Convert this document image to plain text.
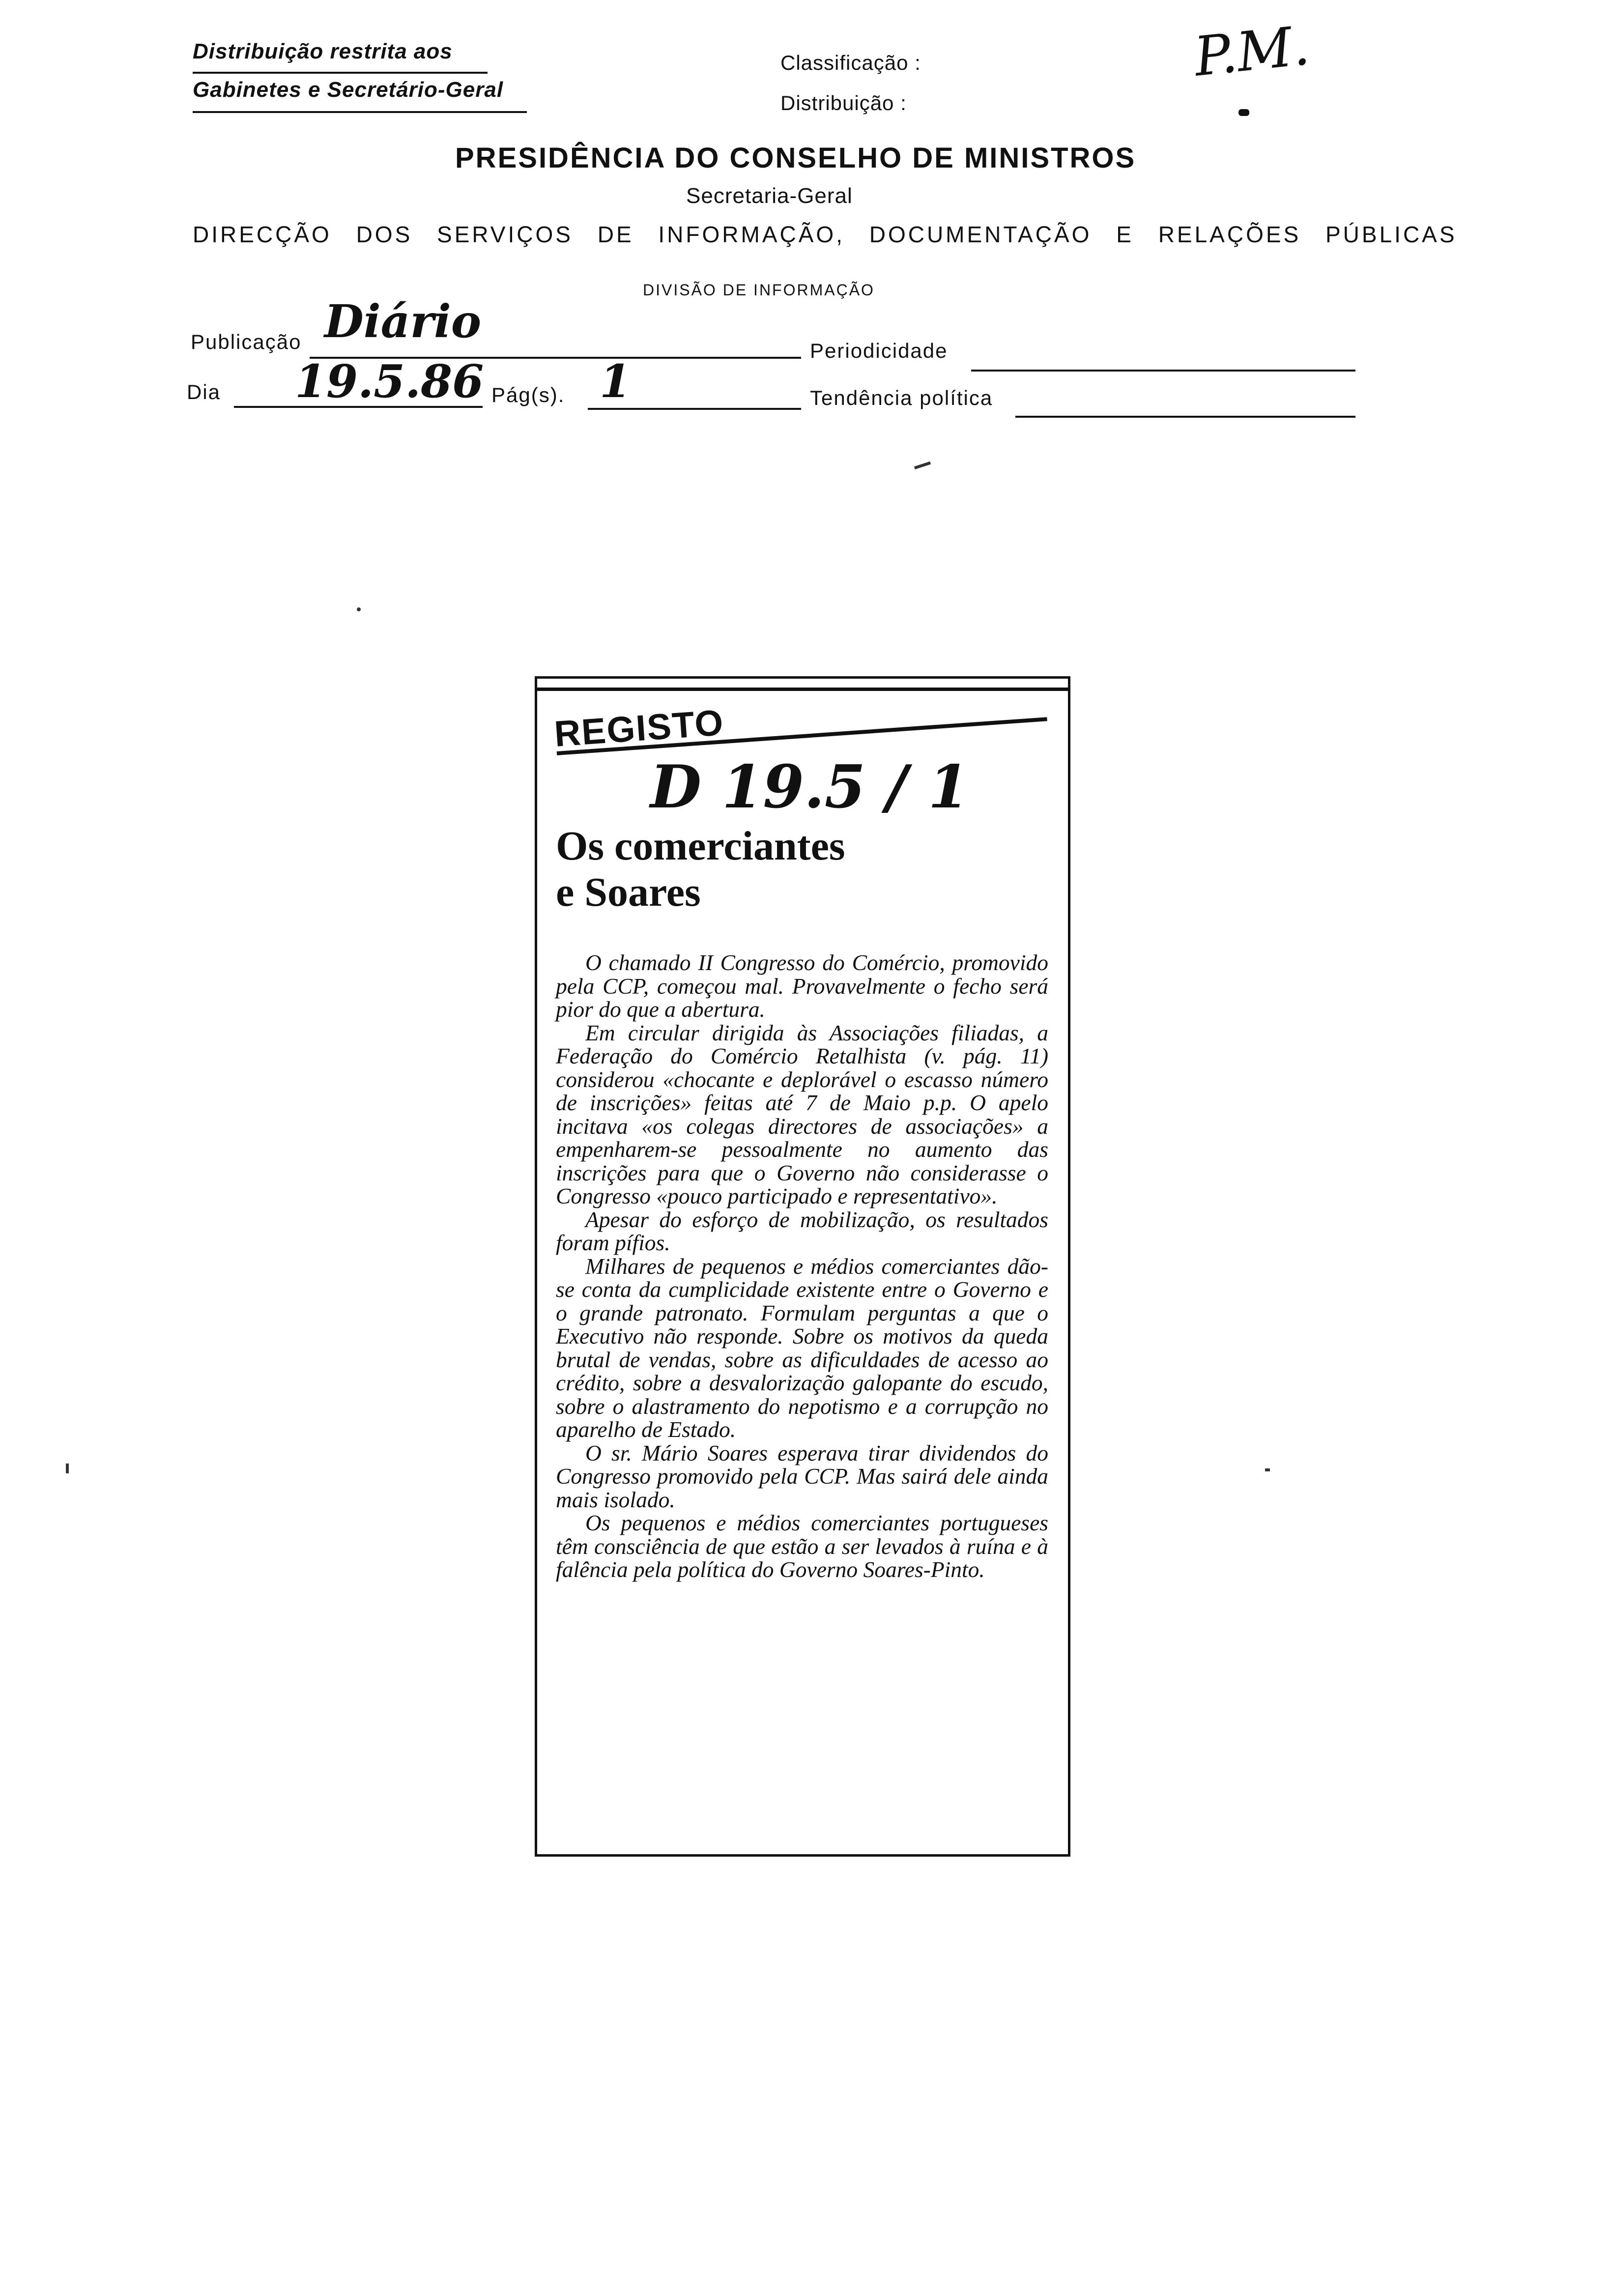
Distribuição restrita aos
Gabinetes e Secretário-Geral
Classificação :
Distribuição :
P.M.
PRESIDÊNCIA DO CONSELHO DE MINISTROS
Secretaria-Geral
DIRECÇÃO DOS SERVIÇOS DE INFORMAÇÃO, DOCUMENTAÇÃO E RELAÇÕES PÚBLICAS
DIVISÃO DE INFORMAÇÃO
Publicação Diário
Periodicidade
Dia 19.5.86 Pág(s). 1	Tendência política
REGISTO
D 19.5 / 1
Os comerciantes
e Soares

O chamado II Congresso do Comércio, promovido pela CCP, começou mal. Provavelmente o fecho será pior do que a abertura.

Em circular dirigida às Associações filiadas, a Federação do Comércio Retalhista (v. pág. 11) considerou «chocante e deplorável o escasso número de inscrições» feitas até 7 de Maio p.p. O apelo incitava «os colegas directores de associações» a empenharem-se pessoalmente no aumento das inscrições para que o Governo não considerasse o Congresso «pouco participado e representativo».

Apesar do esforço de mobilização, os resultados foram pífios.

Milhares de pequenos e médios comerciantes dão-se conta da cumplicidade existente entre o Governo e o grande patronato. Formulam perguntas a que o Executivo não responde. Sobre os motivos da queda brutal de vendas, sobre as dificuldades de acesso ao crédito, sobre a desvalorização galopante do escudo, sobre o alastramento do nepotismo e a corrupção no aparelho de Estado.

O sr. Mário Soares esperava tirar dividendos do Congresso promovido pela CCP. Mas sairá dele ainda mais isolado.

Os pequenos e médios comerciantes portugueses têm consciência de que estão a ser levados à ruína e à falência pela política do Governo Soares-Pinto.
